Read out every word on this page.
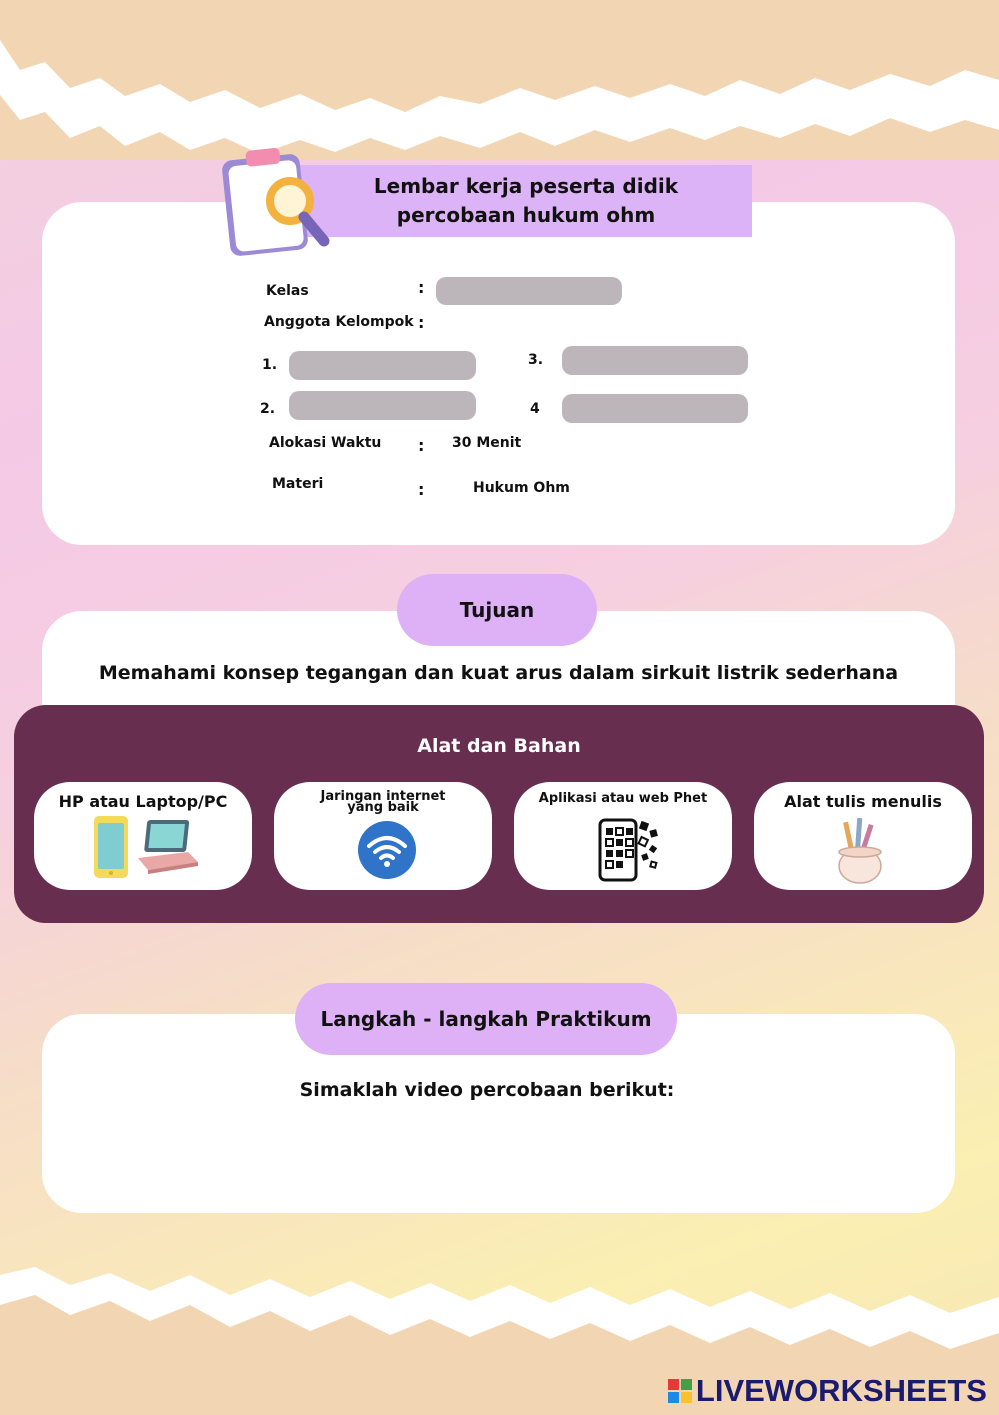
Lembar kerja peserta didik
percobaan hukum ohm
Kelas	:
Anggota Kelompok :
1.
2.
3.
4
Alokasi Waktu : 30 Menit
Materi	:	Hukum Ohm
Tujuan
Memahami konsep tegangan dan kuat arus dalam sirkuit listrik sederhana
Alat dan Bahan
HP atau Laptop/PC	Jaringan internet
yang baik
Aplikasi atau web Phet	Alat tulis menulis
Langkah - langkah Praktikum
Simaklah video percobaan berikut:
LIVEWORKSHEETS
